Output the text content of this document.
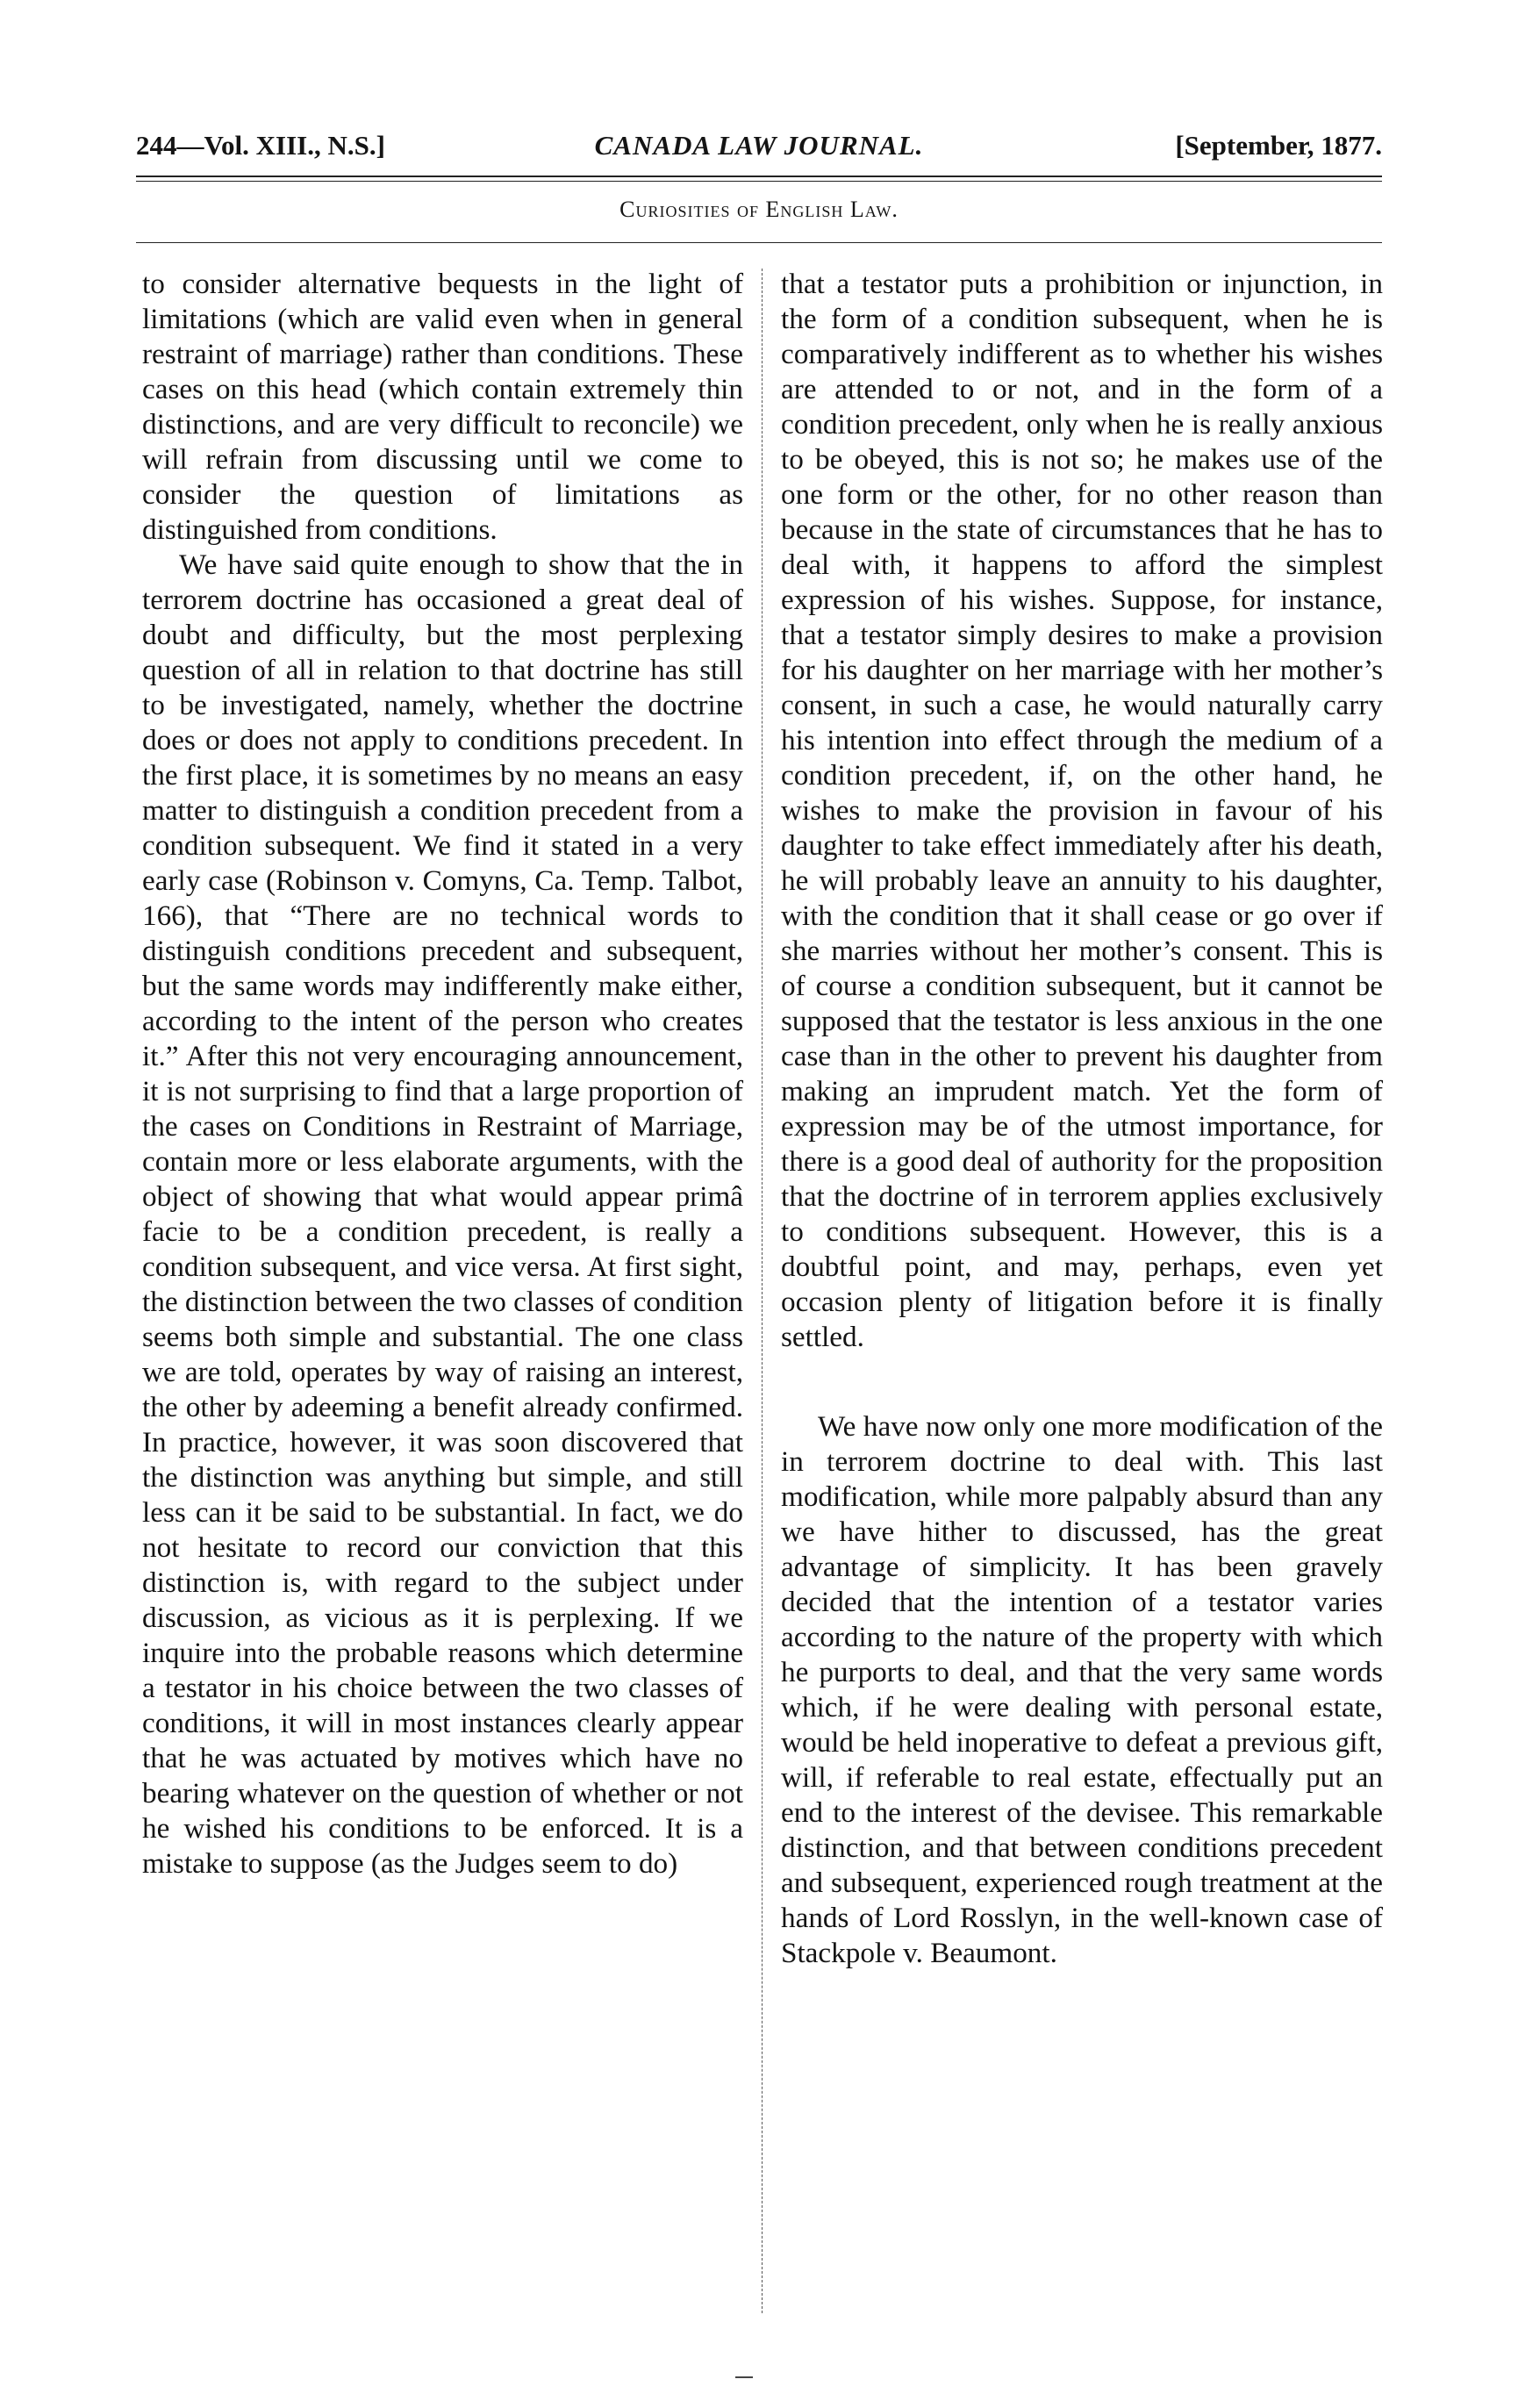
244—Vol. XIII., N.S.]	CANADA LAW JOURNAL.	[September, 1877.
Curiosities of English Law.

to consider alternative bequests in the light of limitations (which are valid even when in general restraint of marriage) rather than conditions. These cases on this head (which contain extremely thin distinctions, and are very difficult to reconcile) we will refrain from discussing until we come to consider the question of limitations as distinguished from conditions.

We have said quite enough to show that the in terrorem doctrine has occasioned a great deal of doubt and difficulty, but the most perplexing question of all in relation to that doctrine has still to be investigated, namely, whether the doctrine does or does not apply to conditions precedent. In the first place, it is sometimes by no means an easy matter to distinguish a condition precedent from a condition subsequent. We find it stated in a very early case (Robinson v. Comyns, Ca. Temp. Talbot, 166), that “There are no technical words to distinguish conditions precedent and subsequent, but the same words may indifferently make either, according to the intent of the person who creates it.” After this not very encouraging announcement, it is not surprising to find that a large proportion of the cases on Conditions in Restraint of Marriage, contain more or less elaborate arguments, with the object of showing that what would appear primâ facie to be a condition precedent, is really a condition subsequent, and vice versa. At first sight, the distinction between the two classes of condition seems both simple and substantial. The one class we are told, operates by way of raising an interest, the other by adeeming a benefit already confirmed. In practice, however, it was soon discovered that the distinction was anything but simple, and still less can it be said to be substantial. In fact, we do not hesitate to record our conviction that this distinction is, with regard to the subject under discussion, as vicious as it is perplexing. If we inquire into the probable reasons which determine a testator in his choice between the two classes of conditions, it will in most instances clearly appear that he was actuated by motives which have no bearing whatever on the question of whether or not he wished his conditions to be enforced. It is a mistake to suppose (as the Judges seem to do)

that a testator puts a prohibition or injunction, in the form of a condition subsequent, when he is comparatively indifferent as to whether his wishes are attended to or not, and in the form of a condition precedent, only when he is really anxious to be obeyed, this is not so; he makes use of the one form or the other, for no other reason than because in the state of circumstances that he has to deal with, it happens to afford the simplest expression of his wishes. Suppose, for instance, that a testator simply desires to make a provision for his daughter on her marriage with her mother’s consent, in such a case, he would naturally carry his intention into effect through the medium of a condition precedent, if, on the other hand, he wishes to make the provision in favour of his daughter to take effect immediately after his death, he will probably leave an annuity to his daughter, with the condition that it shall cease or go over if she marries without her mother’s consent. This is of course a condition subsequent, but it cannot be supposed that the testator is less anxious in the one case than in the other to prevent his daughter from making an imprudent match. Yet the form of expression may be of the utmost importance, for there is a good deal of authority for the proposition that the doctrine of in terrorem applies exclusively to conditions subsequent. However, this is a doubtful point, and may, perhaps, even yet occasion plenty of litigation before it is finally settled.

We have now only one more modification of the in terrorem doctrine to deal with. This last modification, while more palpably absurd than any we have hither to discussed, has the great advantage of simplicity. It has been gravely decided that the intention of a testator varies according to the nature of the property with which he purports to deal, and that the very same words which, if he were dealing with personal estate, would be held inoperative to defeat a previous gift, will, if referable to real estate, effectually put an end to the interest of the devisee. This remarkable distinction, and that between conditions precedent and subsequent, experienced rough treatment at the hands of Lord Rosslyn, in the well-known case of Stackpole v. Beaumont.
